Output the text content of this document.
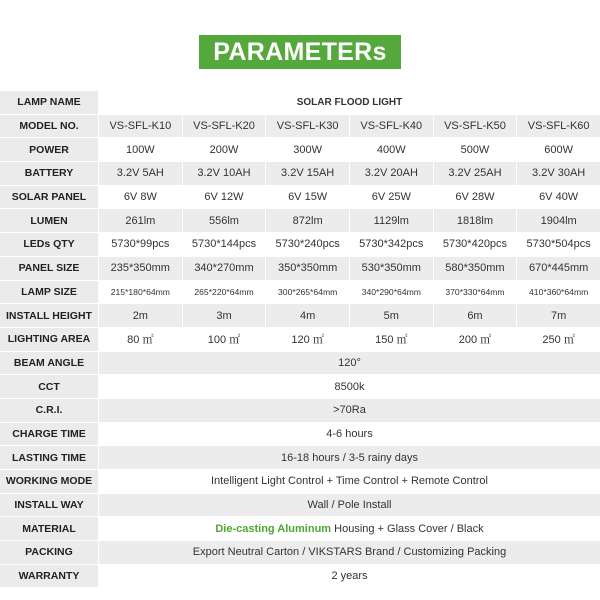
PARAMETERs
LAMP NAME	SOLAR FLOOD LIGHT					
MODEL NO.	VS-SFL-K10	VS-SFL-K20	VS-SFL-K30	VS-SFL-K40	VS-SFL-K50	VS-SFL-K60
POWER	100W	200W	300W	400W	500W	600W
BATTERY	3.2V 5AH	3.2V 10AH	3.2V 15AH	3.2V 20AH	3.2V 25AH	3.2V 30AH
SOLAR PANEL	6V 8W	6V 12W	6V 15W	6V 25W	6V 28W	6V 40W
LUMEN	261lm	556lm	872lm	1129lm	1818lm	1904lm
LEDs QTY	5730*99pcs	5730*144pcs	5730*240pcs	5730*342pcs	5730*420pcs	5730*504pcs
PANEL SIZE	235*350mm	340*270mm	350*350mm	530*350mm	580*350mm	670*445mm
LAMP SIZE	215*180*64mm	265*220*64mm	300*265*64mm	340*290*64mm	370*330*64mm	410*360*64mm
INSTALL HEIGHT	2m	3m	4m	5m	6m	7m
LIGHTING AREA	80 ㎡	100 ㎡	120 ㎡	150 ㎡	200 ㎡	250 ㎡
BEAM ANGLE	120°					
CCT	8500k					
C.R.I.	>70Ra					
CHARGE TIME	4-6 hours					
LASTING TIME	16-18 hours / 3-5 rainy days					
WORKING MODE	Intelligent Light Control + Time Control + Remote Control					
INSTALL WAY	Wall / Pole Install					
MATERIAL	Die-casting Aluminum Housing + Glass Cover / Black					
PACKING	Export Neutral Carton / VIKSTARS Brand / Customizing Packing					
WARRANTY	2 years					
